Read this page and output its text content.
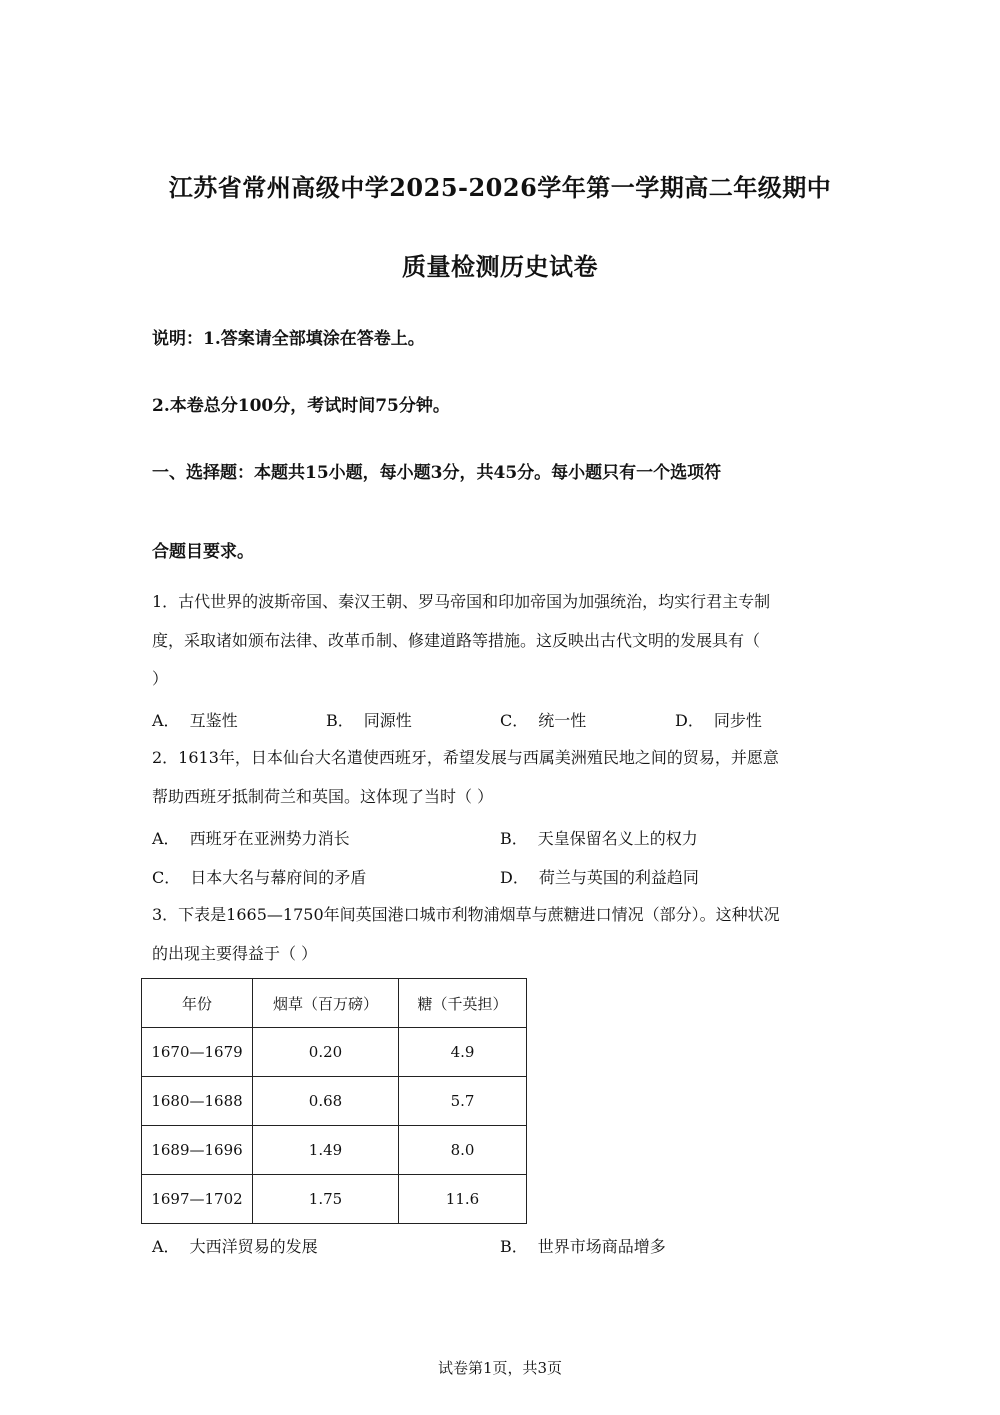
江苏省常州高级中学2025-2026学年第一学期高二年级期中
质量检测历史试卷
说明：1.答案请全部填涂在答卷上。
2.本卷总分100分，考试时间75分钟。
一、选择题：本题共15小题，每小题3分，共45分。每小题只有一个选项符
合题目要求。
1．古代世界的波斯帝国、秦汉王朝、罗马帝国和印加帝国为加强统治，均实行君主专制
度，采取诸如颁布法律、改革币制、修建道路等措施。这反映出古代文明的发展具有（
）
A． 互鉴性	B． 同源性	C． 统一性	D． 同步性
2．1613年，日本仙台大名遣使西班牙，希望发展与西属美洲殖民地之间的贸易，并愿意
帮助西班牙抵制荷兰和英国。这体现了当时（ ）
A． 西班牙在亚洲势力消长	B． 天皇保留名义上的权力
C． 日本大名与幕府间的矛盾	D． 荷兰与英国的利益趋同
3．下表是1665—1750年间英国港口城市利物浦烟草与蔗糖进口情况（部分）。这种状况
的出现主要得益于（ ）
年份	烟草（百万磅）	糖（千英担）
1670—1679	0.20	4.9
1680—1688	0.68	5.7
1689—1696	1.49	8.0
1697—1702	1.75	11.6
A． 大西洋贸易的发展	B． 世界市场商品增多
试卷第1页，共3页
